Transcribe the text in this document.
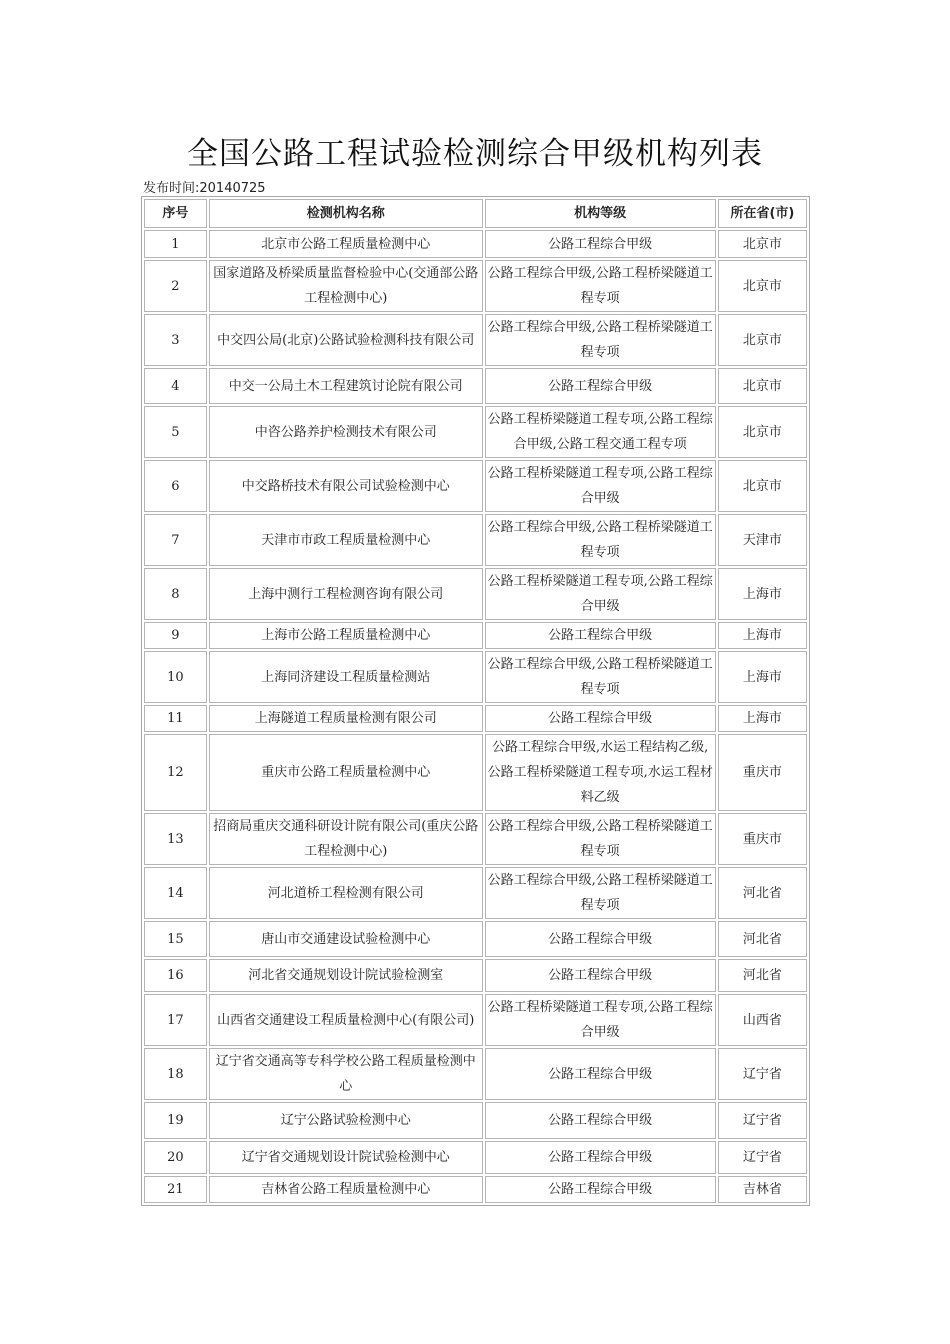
全国公路工程试验检测综合甲级机构列表
发布时间:20140725
序号	检测机构名称	机构等级	所在省(市)
1	北京市公路工程质量检测中心	公路工程综合甲级	北京市
2	国家道路及桥梁质量监督检验中心(交通部公路工程检测中心)	公路工程综合甲级,公路工程桥梁隧道工程专项	北京市
3	中交四公局(北京)公路试验检测科技有限公司	公路工程综合甲级,公路工程桥梁隧道工程专项	北京市
4	中交一公局土木工程建筑讨论院有限公司	公路工程综合甲级	北京市
5	中咨公路养护检测技术有限公司	公路工程桥梁隧道工程专项,公路工程综合甲级,公路工程交通工程专项	北京市
6	中交路桥技术有限公司试验检测中心	公路工程桥梁隧道工程专项,公路工程综合甲级	北京市
7	天津市市政工程质量检测中心	公路工程综合甲级,公路工程桥梁隧道工程专项	天津市
8	上海中测行工程检测咨询有限公司	公路工程桥梁隧道工程专项,公路工程综合甲级	上海市
9	上海市公路工程质量检测中心	公路工程综合甲级	上海市
10	上海同济建设工程质量检测站	公路工程综合甲级,公路工程桥梁隧道工程专项	上海市
11	上海隧道工程质量检测有限公司	公路工程综合甲级	上海市
12	重庆市公路工程质量检测中心	公路工程综合甲级,水运工程结构乙级,公路工程桥梁隧道工程专项,水运工程材料乙级	重庆市
13	招商局重庆交通科研设计院有限公司(重庆公路工程检测中心)	公路工程综合甲级,公路工程桥梁隧道工程专项	重庆市
14	河北道桥工程检测有限公司	公路工程综合甲级,公路工程桥梁隧道工程专项	河北省
15	唐山市交通建设试验检测中心	公路工程综合甲级	河北省
16	河北省交通规划设计院试验检测室	公路工程综合甲级	河北省
17	山西省交通建设工程质量检测中心(有限公司)	公路工程桥梁隧道工程专项,公路工程综合甲级	山西省
18	辽宁省交通高等专科学校公路工程质量检测中心	公路工程综合甲级	辽宁省
19	辽宁公路试验检测中心	公路工程综合甲级	辽宁省
20	辽宁省交通规划设计院试验检测中心	公路工程综合甲级	辽宁省
21	吉林省公路工程质量检测中心	公路工程综合甲级	吉林省
